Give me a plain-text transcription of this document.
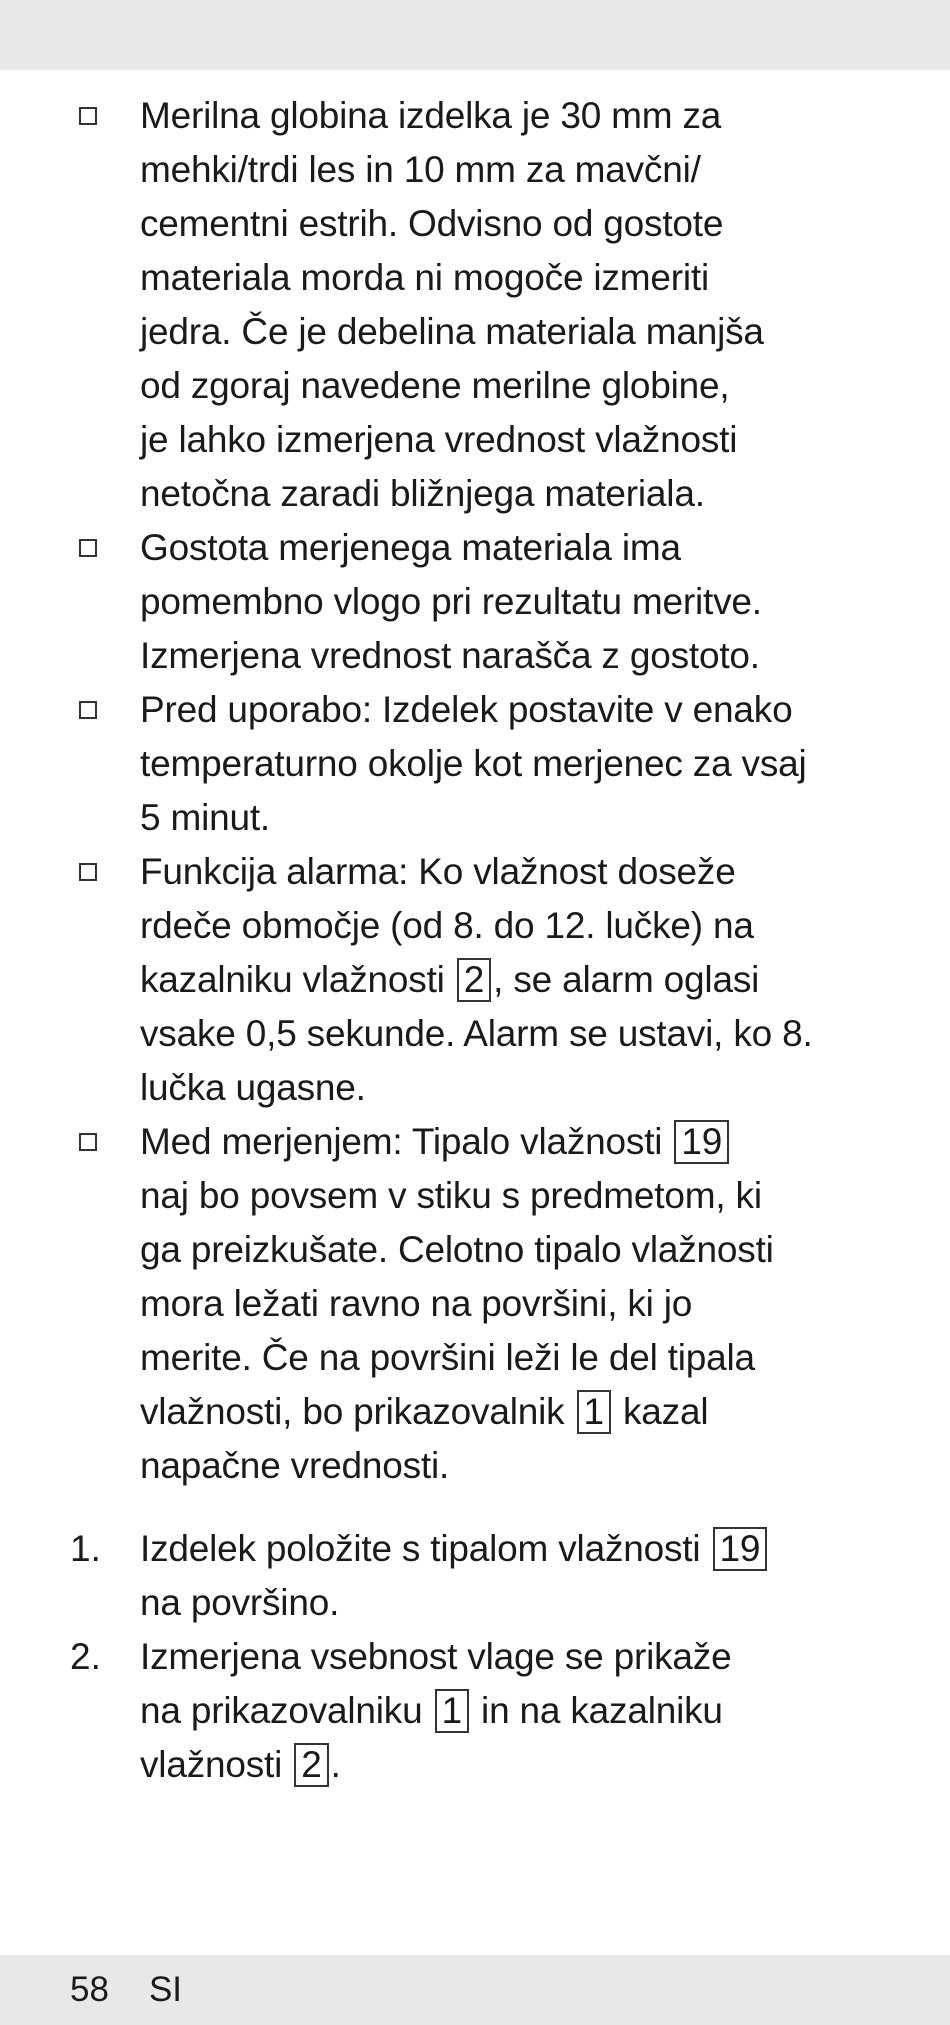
Merilna globina izdelka je 30 mm za
mehki/trdi les in 10 mm za mavčni/
cementni estrih. Odvisno od gostote
materiala morda ni mogoče izmeriti
jedra. Če je debelina materiala manjša
od zgoraj navedene merilne globine,
je lahko izmerjena vrednost vlažnosti
netočna zaradi bližnjega materiala.
Gostota merjenega materiala ima
pomembno vlogo pri rezultatu meritve.
Izmerjena vrednost narašča z gostoto.
Pred uporabo: Izdelek postavite v enako
temperaturno okolje kot merjenec za vsaj
5 minut.
Funkcija alarma: Ko vlažnost doseže
rdeče območje (od 8. do 12. lučke) na
kazalniku vlažnosti 2 , se alarm oglasi
vsake 0,5 sekunde. Alarm se ustavi, ko 8.
lučka ugasne.
Med merjenjem: Tipalo vlažnosti 19
naj bo povsem v stiku s predmetom, ki
ga preizkušate. Celotno tipalo vlažnosti
mora ležati ravno na površini, ki jo
merite. Če na površini leži le del tipala
vlažnosti, bo prikazovalnik 1 kazal
napačne vrednosti.
1. Izdelek položite s tipalom vlažnosti 19
na površino.
2. Izmerjena vsebnost vlage se prikaže
na prikazovalniku 1 in na kazalniku
vlažnosti 2 .
58 SI
